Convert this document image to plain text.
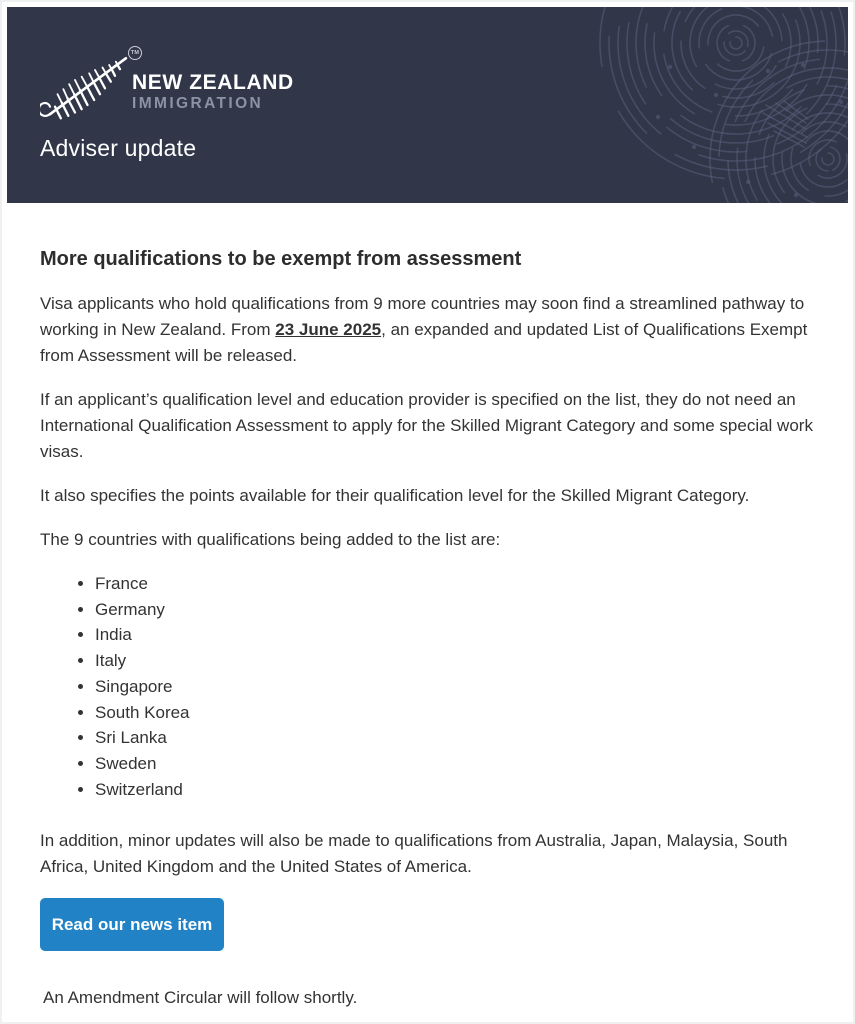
TM
NEW ZEALAND
IMMIGRATION
Adviser update
More qualifications to be exempt from assessment

Visa applicants who hold qualifications from 9 more countries may soon find a streamlined pathway to working in New Zealand. From 23 June 2025, an expanded and updated List of Qualifications Exempt from Assessment will be released.

If an applicant’s qualification level and education provider is specified on the list, they do not need an International Qualification Assessment to apply for the Skilled Migrant Category and some special work visas.

It also specifies the points available for their qualification level for the Skilled Migrant Category.

The 9 countries with qualifications being added to the list are:

• France
• Germany
• India
• Italy
• Singapore
• South Korea
• Sri Lanka
• Sweden
• Switzerland

In addition, minor updates will also be made to qualifications from Australia, Japan, Malaysia, South Africa, United Kingdom and the United States of America.

Read our news item

An Amendment Circular will follow shortly.
